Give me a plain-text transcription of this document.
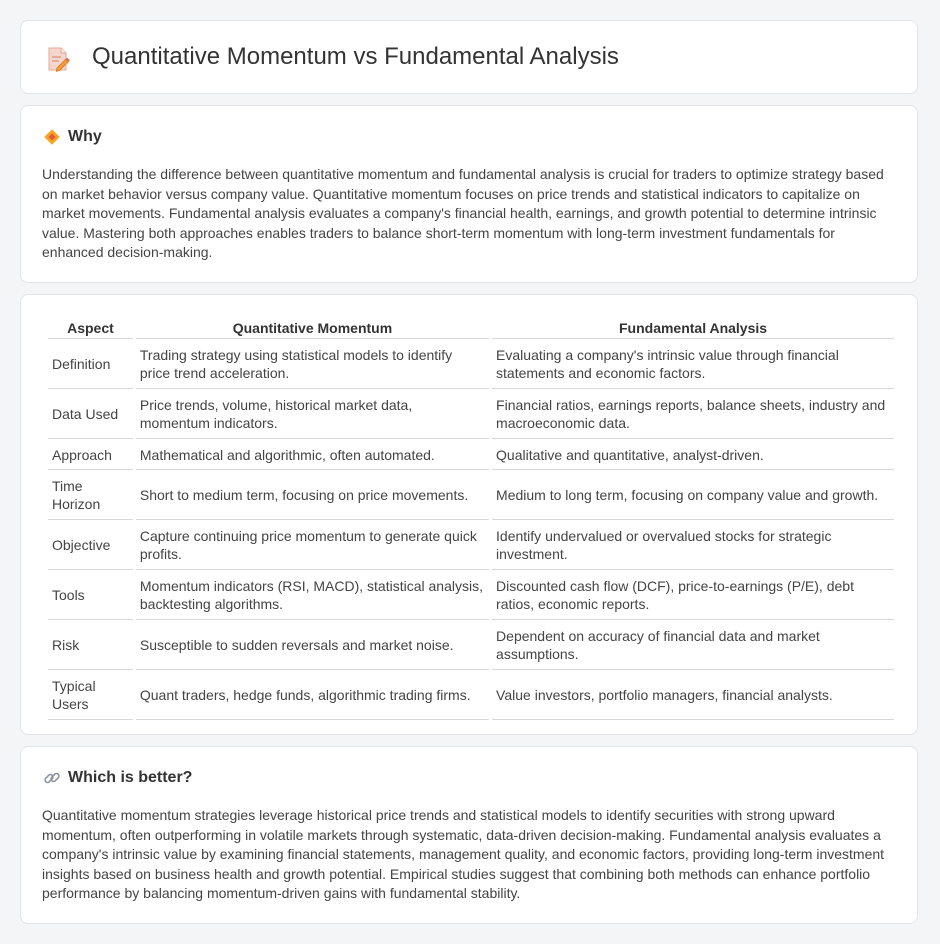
Quantitative Momentum vs Fundamental Analysis
Why

Understanding the difference between quantitative momentum and fundamental analysis is crucial for traders to optimize strategy based on market behavior versus company value. Quantitative momentum focuses on price trends and statistical indicators to capitalize on market movements. Fundamental analysis evaluates a company's financial health, earnings, and growth potential to determine intrinsic value. Mastering both approaches enables traders to balance short-term momentum with long-term investment fundamentals for enhanced decision-making.

Aspect	Quantitative Momentum	Fundamental Analysis
Definition	Trading strategy using statistical models to identify price trend acceleration.	Evaluating a company's intrinsic value through financial statements and economic factors.
Data Used	Price trends, volume, historical market data, momentum indicators.	Financial ratios, earnings reports, balance sheets, industry and macroeconomic data.
Approach	Mathematical and algorithmic, often automated.	Qualitative and quantitative, analyst-driven.
Time Horizon	Short to medium term, focusing on price movements.	Medium to long term, focusing on company value and growth.
Objective	Capture continuing price momentum to generate quick profits.	Identify undervalued or overvalued stocks for strategic investment.
Tools	Momentum indicators (RSI, MACD), statistical analysis, backtesting algorithms.	Discounted cash flow (DCF), price-to-earnings (P/E), debt ratios, economic reports.
Risk	Susceptible to sudden reversals and market noise.	Dependent on accuracy of financial data and market assumptions.
Typical Users	Quant traders, hedge funds, algorithmic trading firms.	Value investors, portfolio managers, financial analysts.
Which is better?

Quantitative momentum strategies leverage historical price trends and statistical models to identify securities with strong upward momentum, often outperforming in volatile markets through systematic, data-driven decision-making. Fundamental analysis evaluates a company's intrinsic value by examining financial statements, management quality, and economic factors, providing long-term investment insights based on business health and growth potential. Empirical studies suggest that combining both methods can enhance portfolio performance by balancing momentum-driven gains with fundamental stability.
